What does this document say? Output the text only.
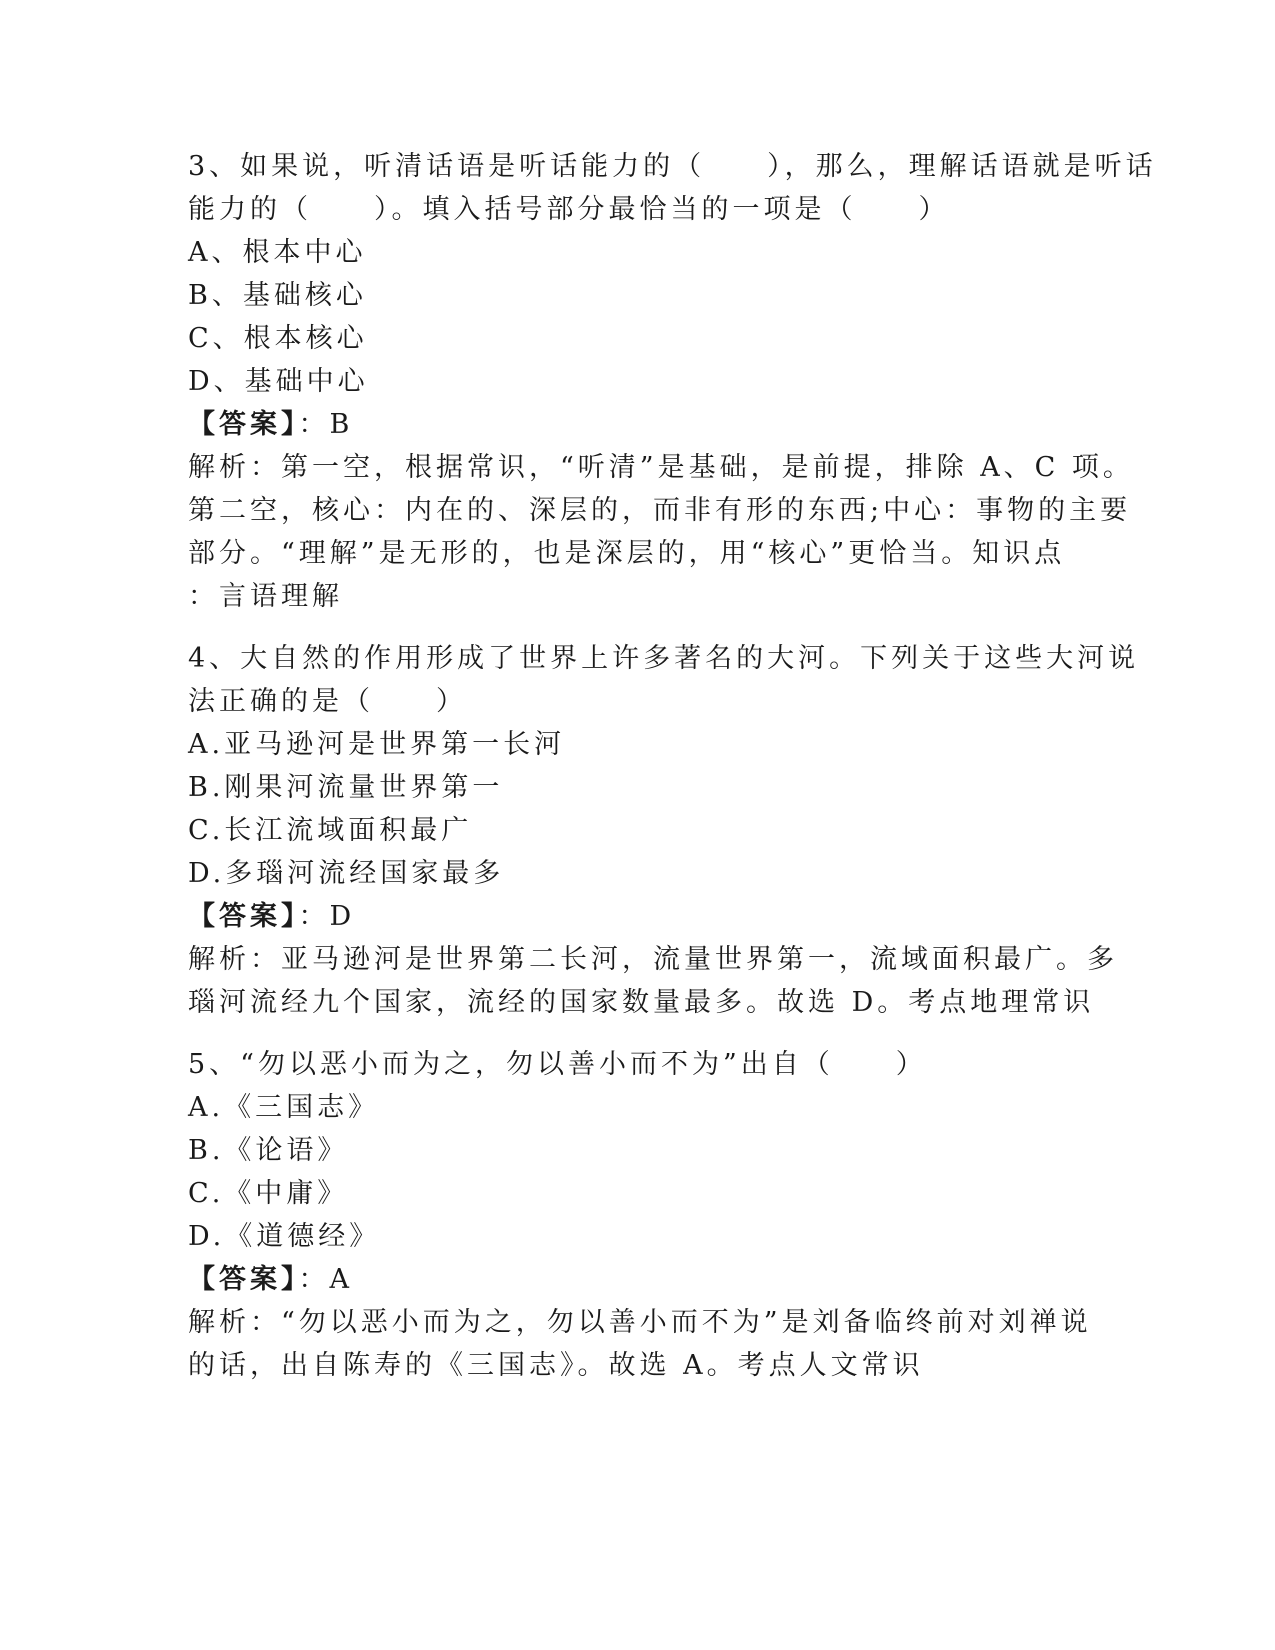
3、如果说，听清话语是听话能力的（　　），那么，理解话语就是听话

能力的（　　）。填入括号部分最恰当的一项是（　　）

A、根本中心

B、基础核心

C、根本核心

D、基础中心

【答案】：B

解析：第一空，根据常识，“听清”是基础，是前提，排除 A、C 项。

第二空，核心：内在的、深层的，而非有形的东西;中心：事物的主要

部分。“理解”是无形的，也是深层的，用“核心”更恰当。知识点

：言语理解

4、大自然的作用形成了世界上许多著名的大河。下列关于这些大河说

法正确的是（　　）

A.亚马逊河是世界第一长河

B.刚果河流量世界第一

C.长江流域面积最广

D.多瑙河流经国家最多

【答案】：D

解析：亚马逊河是世界第二长河，流量世界第一，流域面积最广。多

瑙河流经九个国家，流经的国家数量最多。故选 D。考点地理常识

5、“勿以恶小而为之，勿以善小而不为”出自（　　）

A.《三国志》

B.《论语》

C.《中庸》

D.《道德经》

【答案】：A

解析：“勿以恶小而为之，勿以善小而不为”是刘备临终前对刘禅说

的话，出自陈寿的《三国志》。故选 A。考点人文常识
